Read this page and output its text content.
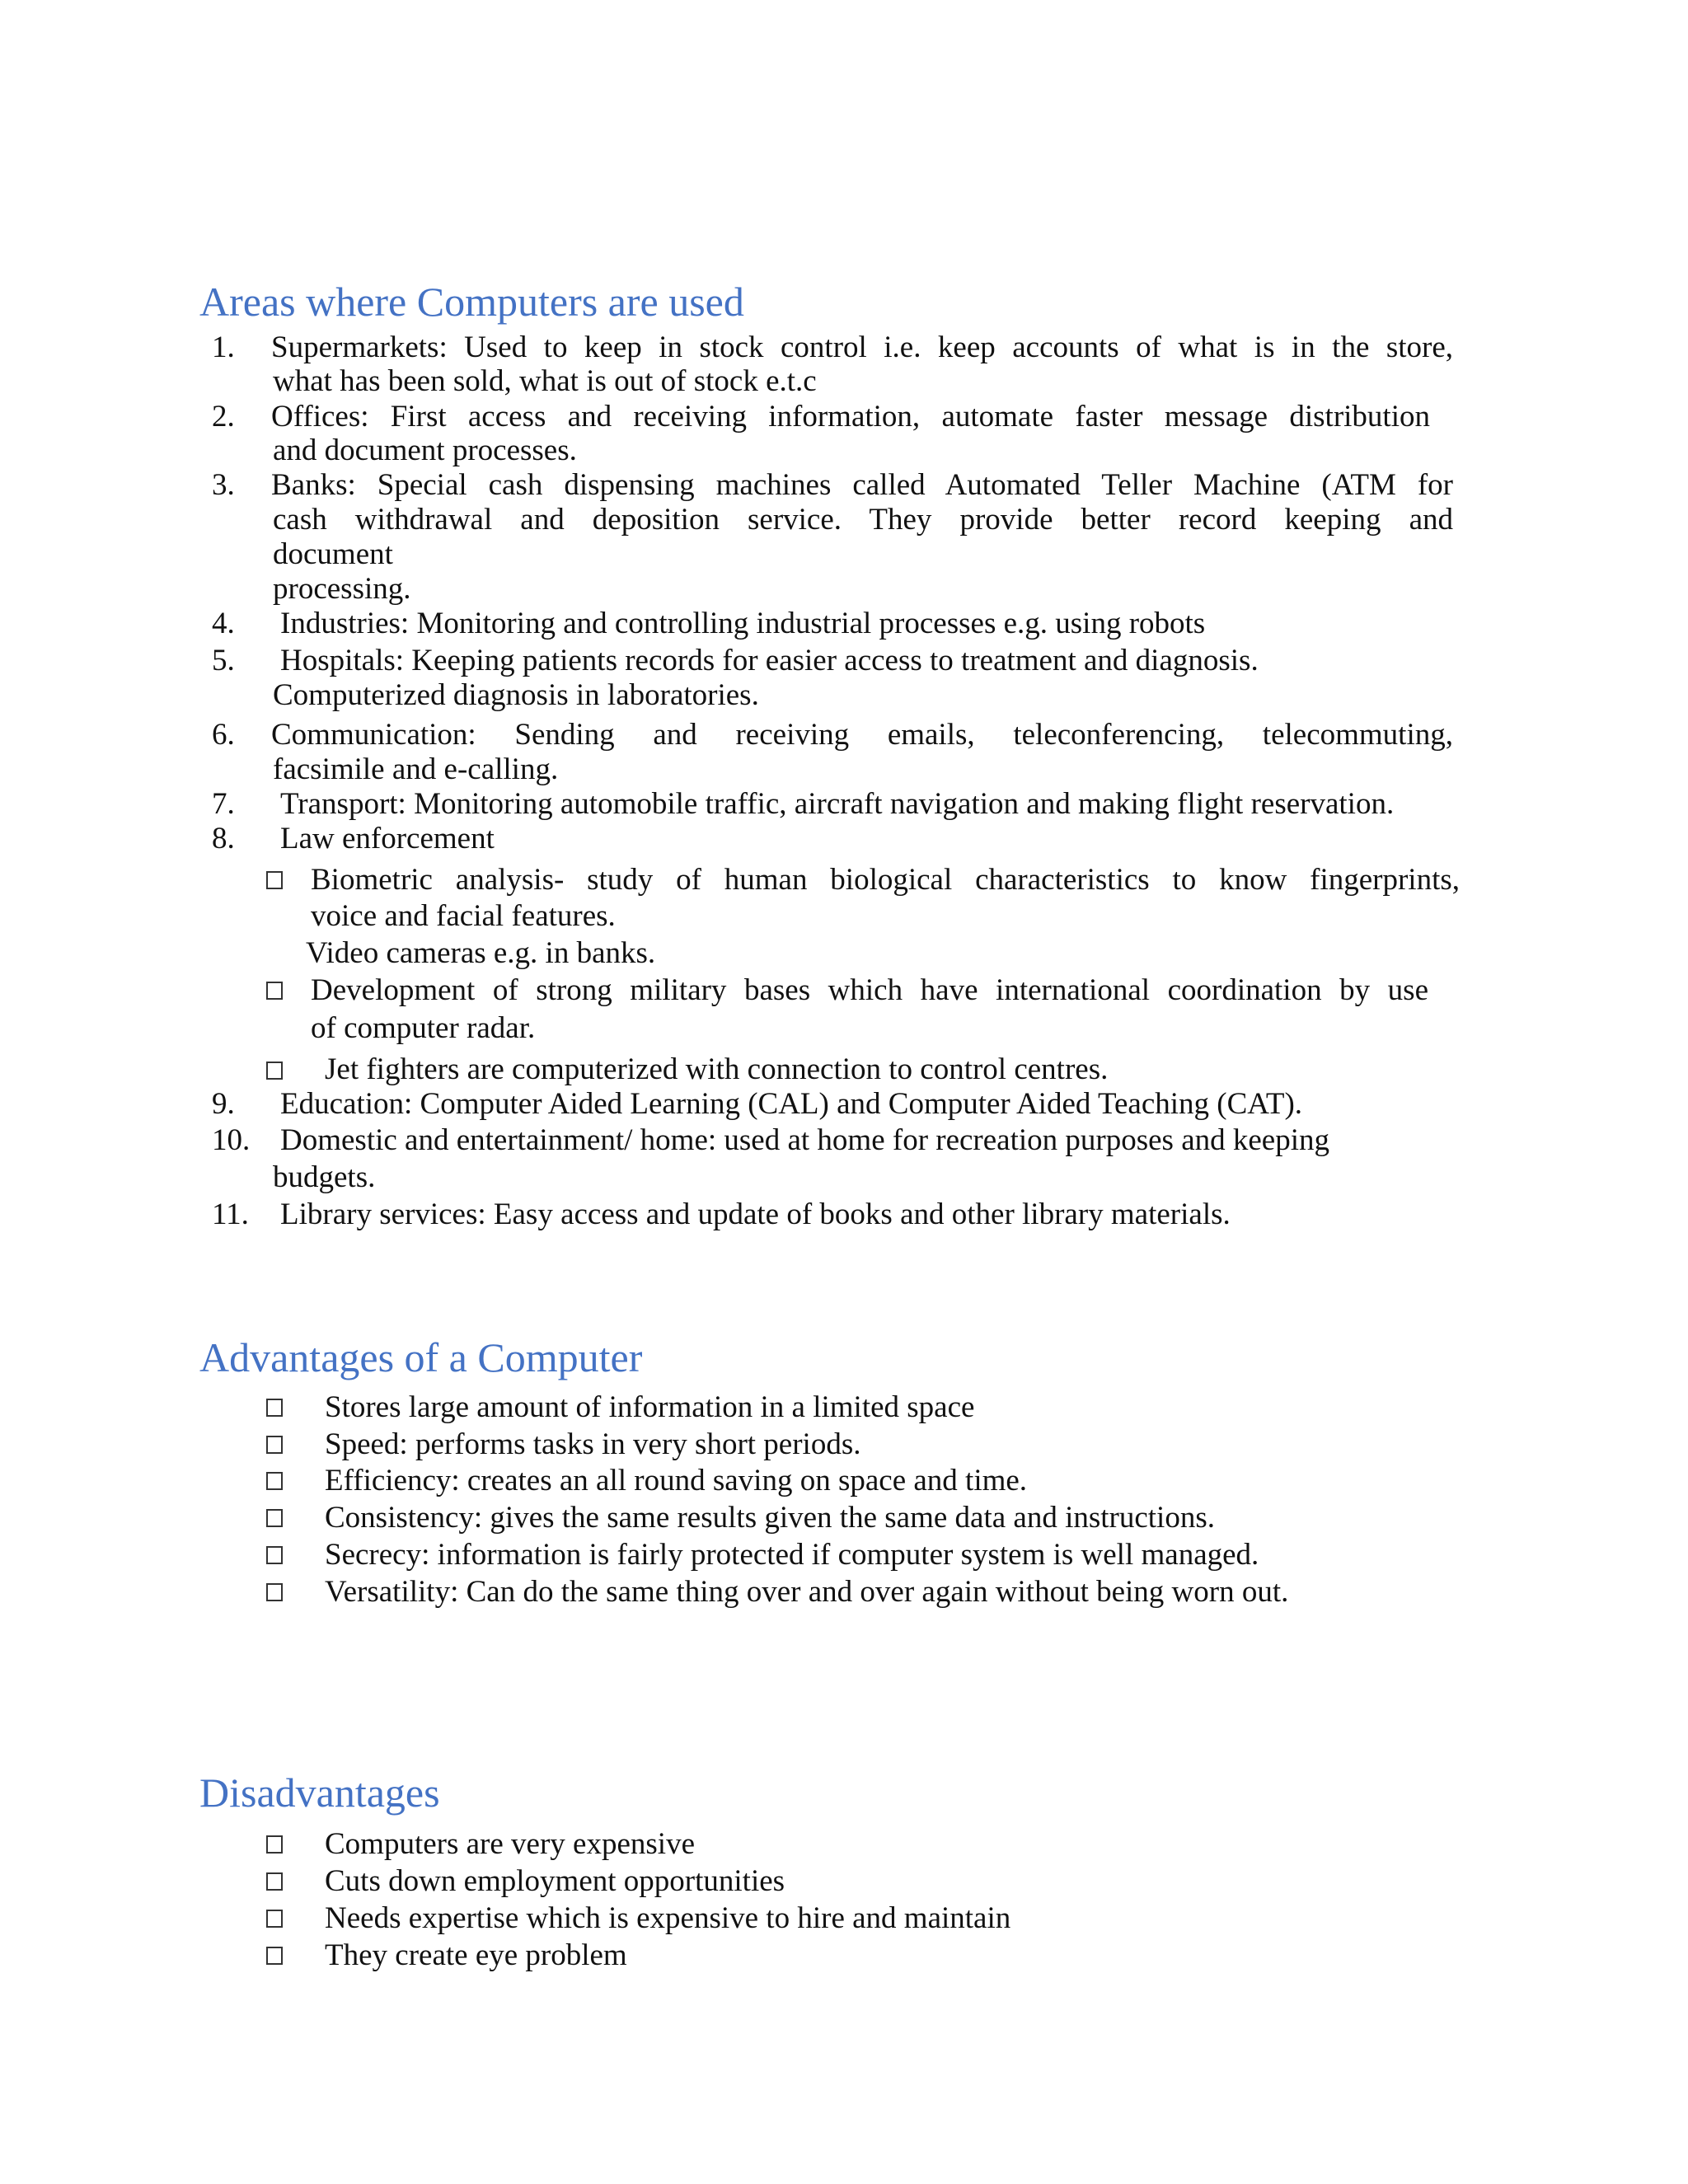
Areas where Computers are used
1. Supermarkets: Used to keep in stock control i.e. keep accounts of what is in the store,
what has been sold, what is out of stock e.t.c
2. Offices: First access and receiving information, automate faster message distribution
and document processes.
3. Banks: Special cash dispensing machines called Automated Teller Machine (ATM for
cash withdrawal and deposition service. They provide better record keeping and
document
processing.
4. Industries: Monitoring and controlling industrial processes e.g. using robots
5. Hospitals: Keeping patients records for easier access to treatment and diagnosis.
Computerized diagnosis in laboratories.
6. Communication: Sending and receiving emails, teleconferencing, telecommuting,
facsimile and e-calling.
7. Transport: Monitoring automobile traffic, aircraft navigation and making flight reservation.
8. Law enforcement
Biometric analysis- study of human biological characteristics to know fingerprints,
voice and facial features.
Video cameras e.g. in banks.
Development of strong military bases which have international coordination by use
of computer radar.
Jet fighters are computerized with connection to control centres.
9. Education: Computer Aided Learning (CAL) and Computer Aided Teaching (CAT).
10. Domestic and entertainment/ home: used at home for recreation purposes and keeping
budgets.
11. Library services: Easy access and update of books and other library materials.
Advantages of a Computer
Stores large amount of information in a limited space
Speed: performs tasks in very short periods.
Efficiency: creates an all round saving on space and time.
Consistency: gives the same results given the same data and instructions.
Secrecy: information is fairly protected if computer system is well managed.
Versatility: Can do the same thing over and over again without being worn out.
Disadvantages
Computers are very expensive
Cuts down employment opportunities
Needs expertise which is expensive to hire and maintain
They create eye problem
